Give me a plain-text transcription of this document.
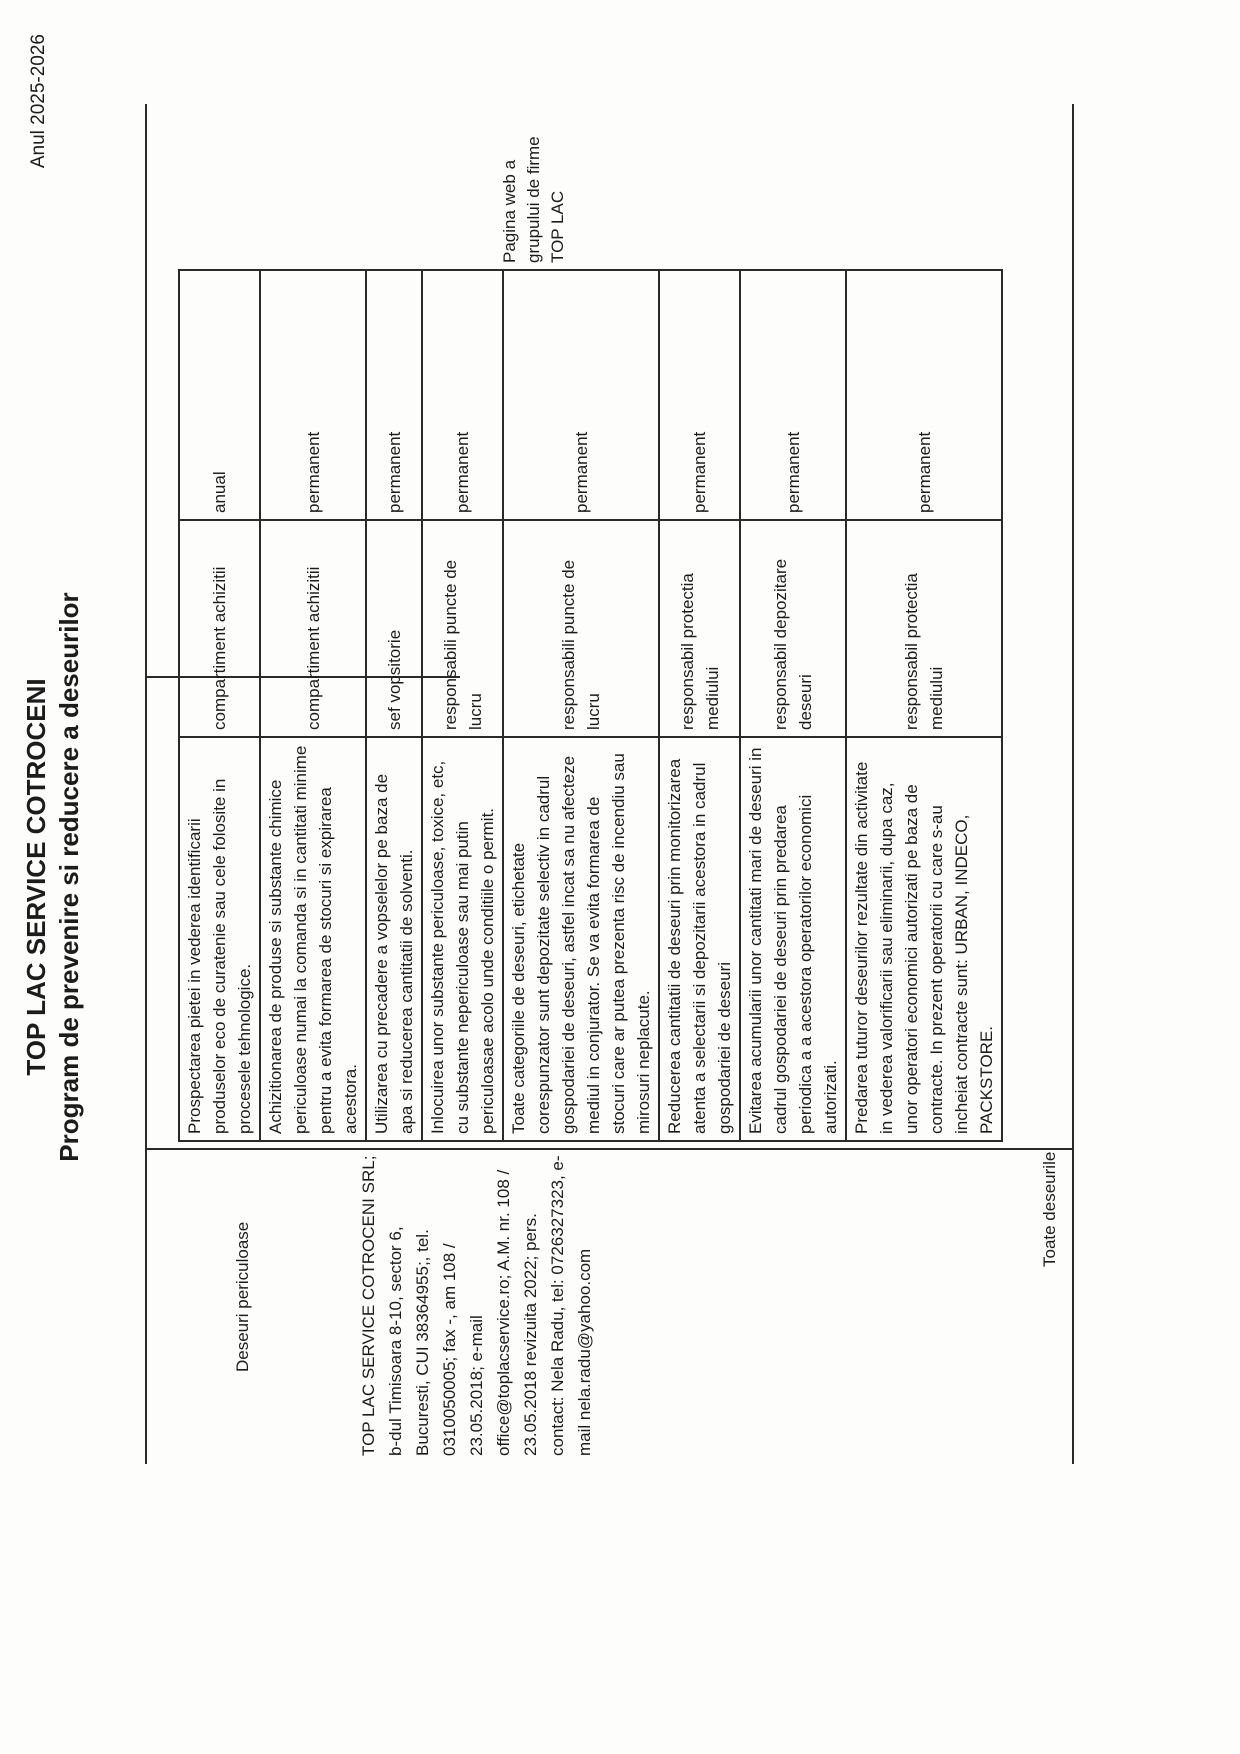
Anul 2025-2026
TOP LAC SERVICE COTROCENI Program de prevenire si reducere a deseurilor
TOP LAC SERVICE COTROCENI SRL; b-dul Timisoara 8-10, sector 6, Bucuresti, CUI 38364955;, tel. 0310050005; fax -, am 108 / 23.05.2018; e-mail office@toplacservice.ro; A.M. nr. 108 / 23.05.2018 revizuita 2022; pers. contact: Nela Radu, tel: 0726327323, e-mail nela.radu@yahoo.com
Deseuri periculoase
Toate deseurile
Pagina web a grupului de firme TOP LAC
Prospectarea pietei in vederea identificarii produselor eco de curatenie sau cele folosite in procesele tehnologice.	compartiment achizitii	anual
Achizitionarea de produse si substante chimice periculoase numai la comanda si in cantitati minime pentru a evita formarea de stocuri si expirarea acestora.	compartiment achizitii	permanent
Utilizarea cu precadere a vopselelor pe baza de apa si reducerea cantitatii de solventi.	sef vopsitorie	permanent
Inlocuirea unor substante periculoase, toxice, etc, cu substante nepericuloase sau mai putin periculoasae acolo unde conditiile o permit.	responsabili puncte de lucru	permanent
Toate categoriile de deseuri, etichetate corespunzator sunt depozitate selectiv in cadrul gospodariei de deseuri, astfel incat sa nu afecteze mediul in conjurator. Se va evita formarea de stocuri care ar putea prezenta risc de incendiu sau mirosuri neplacute.	responsabili puncte de lucru	permanent
Reducerea cantitatii de deseuri prin monitorizarea atenta a selectarii si depozitarii acestora in cadrul gospodariei de deseuri	responsabil protectia mediului	permanent
Evitarea acumularii unor cantitati mari de deseuri in cadrul gospodariei de deseuri prin predarea periodica a a acestora operatorilor economici autorizati.	responsabil depozitare deseuri	permanent
Predarea tuturor deseurilor rezultate din activitate in vederea valorificarii sau eliminarii, dupa caz, unor operatori economici autorizati pe baza de contracte. In prezent operatorii cu care s-au incheiat contracte sunt: URBAN, INDECO, PACKSTORE.	responsabil protectia mediului	permanent
